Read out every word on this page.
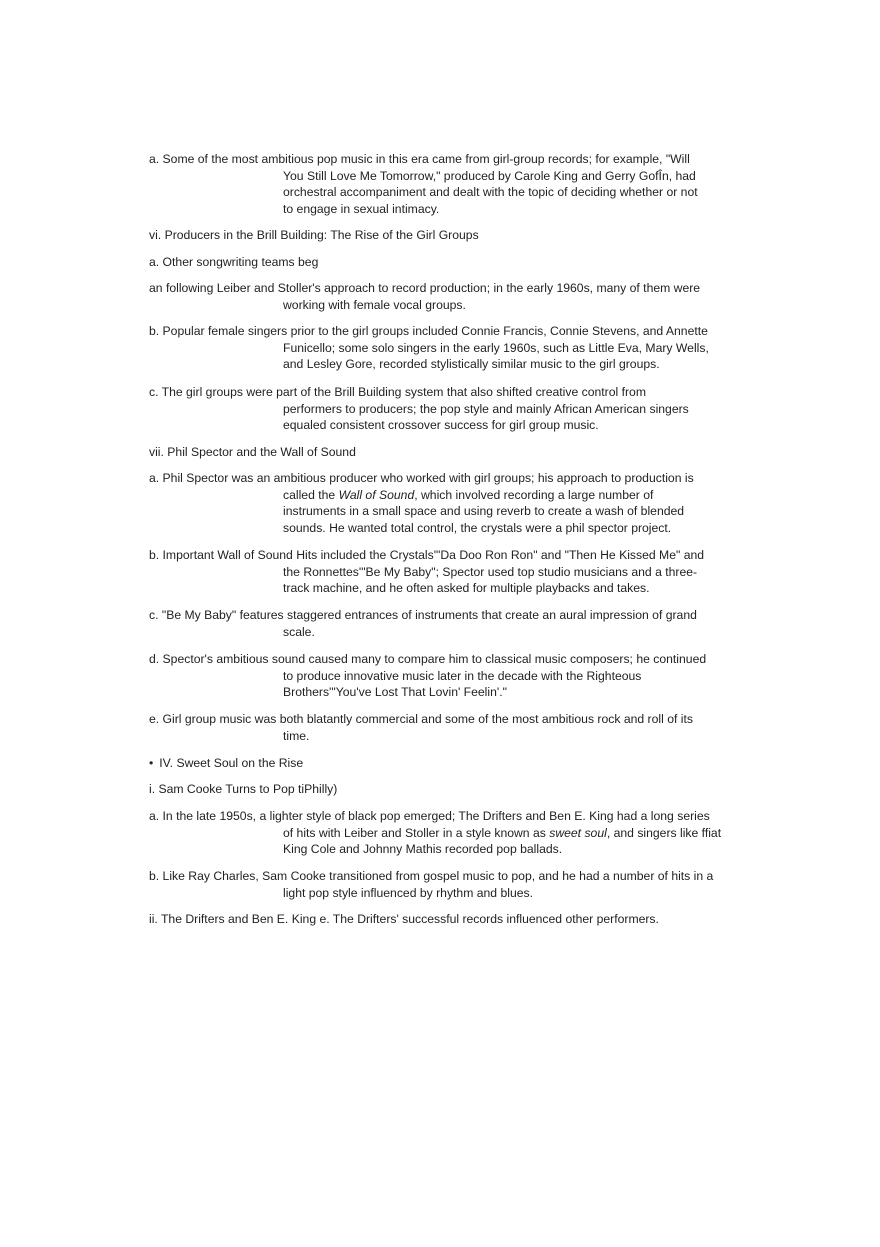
a. Some of the most ambitious pop music in this era came from girl-group records; for example, "Will
You Still Love Me Tomorrow," produced by Carole King and Gerry GofÎn, had
orchestral accompaniment and dealt with the topic of deciding whether or not
to engage in sexual intimacy.
vi. Producers in the Brill Building: The Rise of the Girl Groups
a. Other songwriting teams beg
an following Leiber and Stoller's approach to record production; in the early 1960s, many of them were
working with female vocal groups.
b. Popular female singers prior to the girl groups included Connie Francis, Connie Stevens, and Annette
Funicello; some solo singers in the early 1960s, such as Little Eva, Mary Wells,
and Lesley Gore, recorded stylistically similar music to the girl groups.
c. The girl groups were part of the Brill Building system that also shifted creative control from
performers to producers; the pop style and mainly African American singers
equaled consistent crossover success for girl group music.
vii. Phil Spector and the Wall of Sound
a. Phil Spector was an ambitious producer who worked with girl groups; his approach to production is
called the Wall of Sound, which involved recording a large number of
instruments in a small space and using reverb to create a wash of blended
sounds. He wanted total control, the crystals were a phil spector project.
b. Important Wall of Sound Hits included the Crystals'"Da Doo Ron Ron" and "Then He Kissed Me" and
the Ronnettes'"Be My Baby"; Spector used top studio musicians and a three-
track machine, and he often asked for multiple playbacks and takes.
c. "Be My Baby" features staggered entrances of instruments that create an aural impression of grand
scale.
d. Spector's ambitious sound caused many to compare him to classical music composers; he continued
to produce innovative music later in the decade with the Righteous
Brothers'"You've Lost That Lovin' Feelin'."
e. Girl group music was both blatantly commercial and some of the most ambitious rock and roll of its
time.
• IV. Sweet Soul on the Rise
i. Sam Cooke Turns to Pop tiPhilly)
a. In the late 1950s, a lighter style of black pop emerged; The Drifters and Ben E. King had a long series
of hits with Leiber and Stoller in a style known as sweet soul, and singers like ffiat
King Cole and Johnny Mathis recorded pop ballads.
b. Like Ray Charles, Sam Cooke transitioned from gospel music to pop, and he had a number of hits in a
light pop style influenced by rhythm and blues.
ii. The Drifters and Ben E. King e. The Drifters' successful records influenced other performers.
